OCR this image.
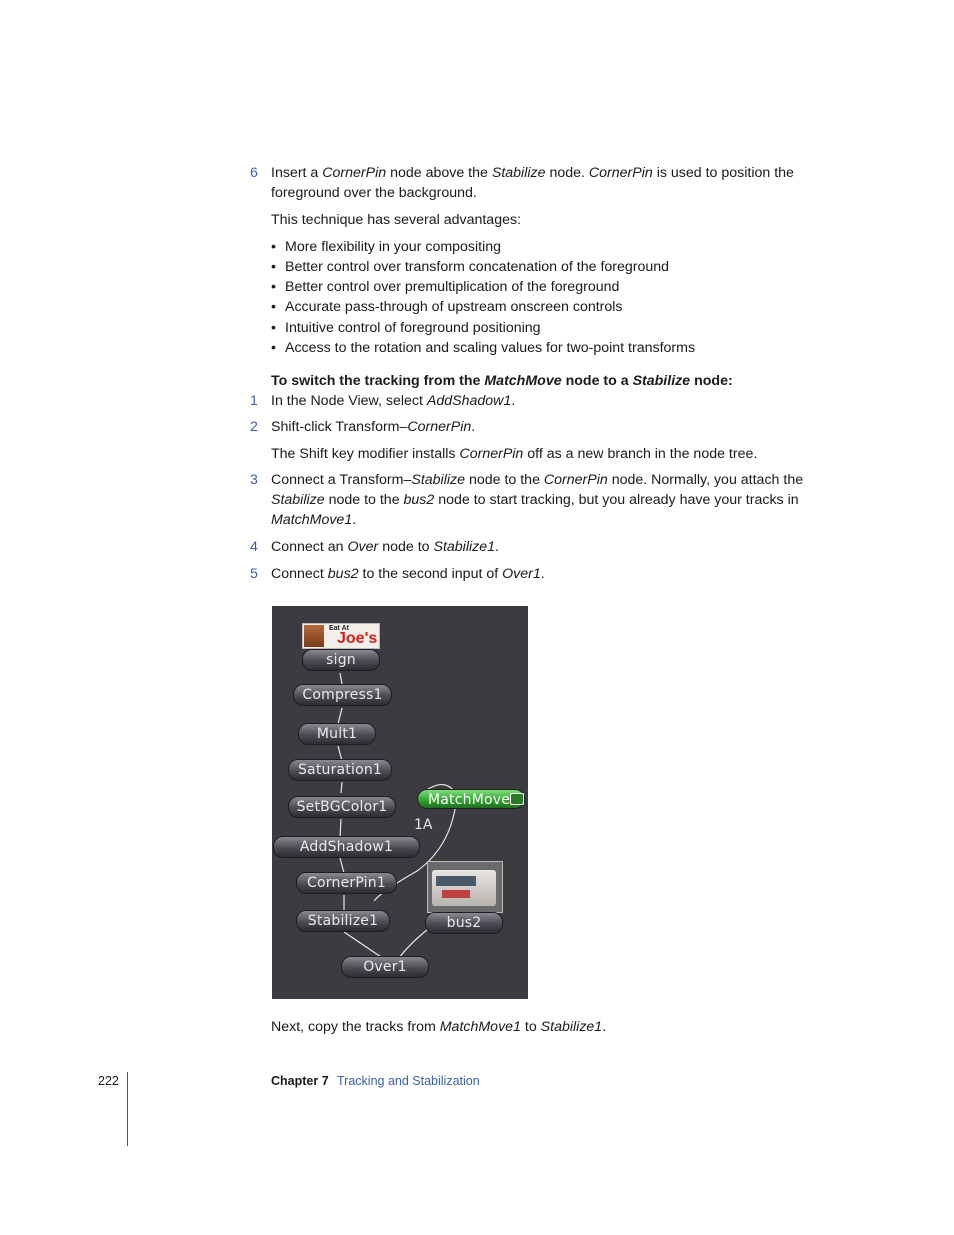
6 Insert a CornerPin node above the Stabilize node. CornerPin is used to position the foreground over the background.
This technique has several advantages:
• More flexibility in your compositing
• Better control over transform concatenation of the foreground
• Better control over premultiplication of the foreground
• Accurate pass-through of upstream onscreen controls
• Intuitive control of foreground positioning
• Access to the rotation and scaling values for two-point transforms
To switch the tracking from the MatchMove node to a Stabilize node:
1 In the Node View, select AddShadow1.
2 Shift-click Transform–CornerPin.
The Shift key modifier installs CornerPin off as a new branch in the node tree.
3 Connect a Transform–Stabilize node to the CornerPin node. Normally, you attach the Stabilize node to the bus2 node to start tracking, but you already have your tracks in MatchMove1.
4 Connect an Over node to Stabilize1.
5 Connect bus2 to the second input of Over1.
Eat At
Joe's
sign
Compress1
Mult1
Saturation1
SetBGColor1	MatchMove
1A
AddShadow1
CornerPin1
Stabilize1	bus2
Over1
Next, copy the tracks from MatchMove1 to Stabilize1.
222	Chapter 7 Tracking and Stabilization
